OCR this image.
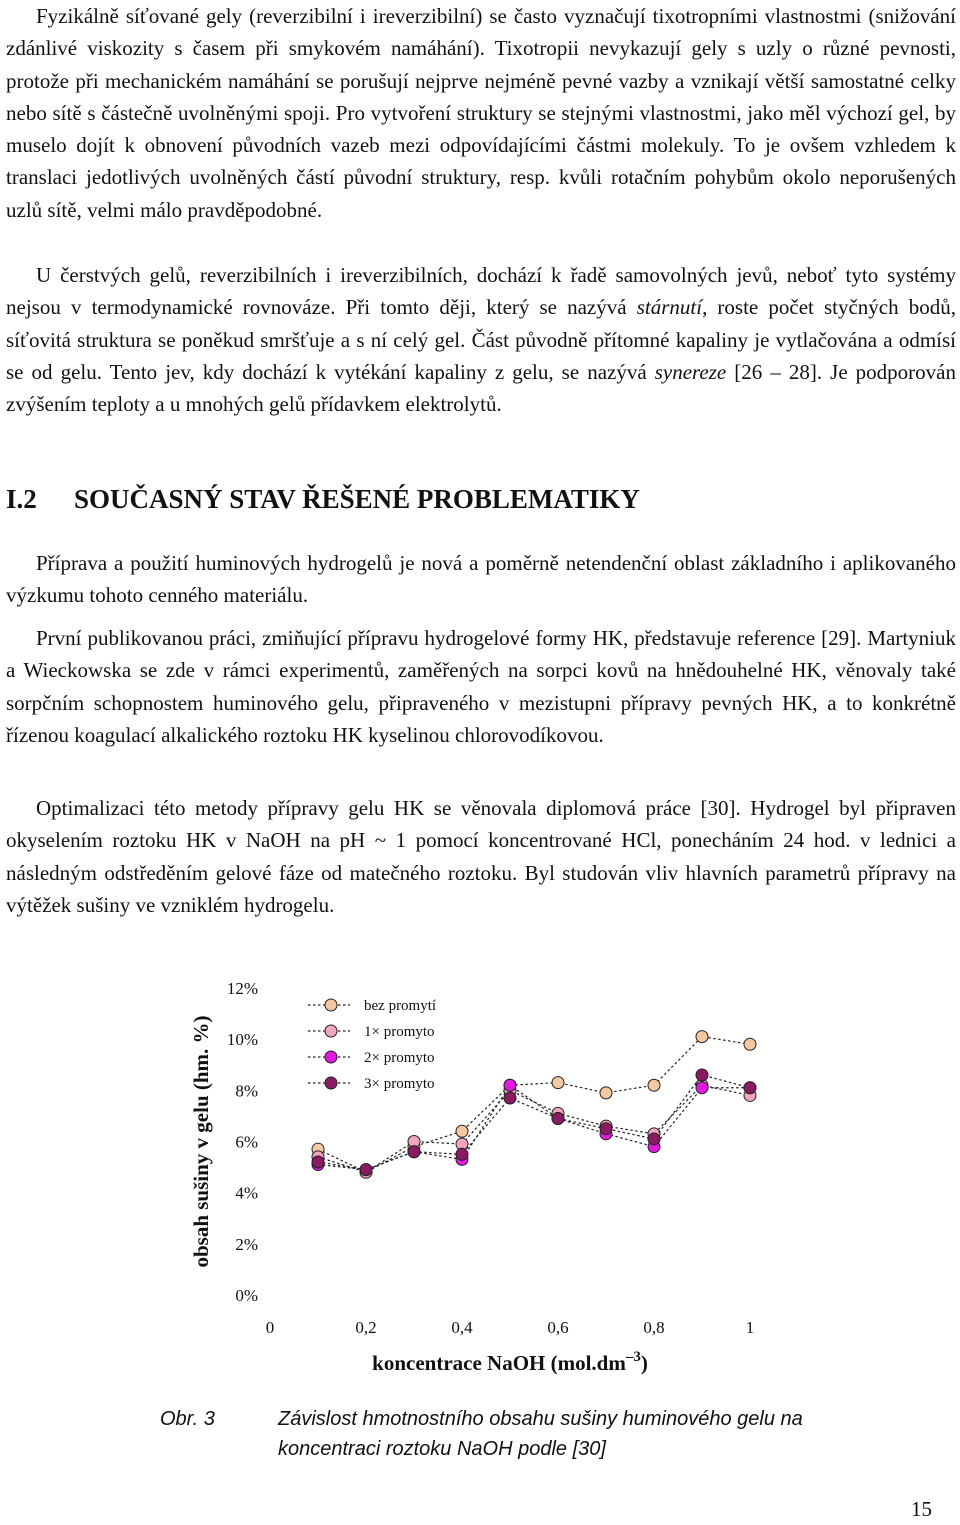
Fyzikálně síťované gely (reverzibilní i ireverzibilní) se často vyznačují tixotropními vlastnostmi (snižování zdánlivé viskozity s časem při smykovém namáhání). Tixotropii nevykazují gely s uzly o různé pevnosti, protože při mechanickém namáhání se porušují nejprve nejméně pevné vazby a vznikají větší samostatné celky nebo sítě s částečně uvolněnými spoji. Pro vytvoření struktury se stejnými vlastnostmi, jako měl výchozí gel, by muselo dojít k obnovení původních vazeb mezi odpovídajícími částmi molekuly. To je ovšem vzhledem k translaci jedotlivých uvolněných částí původní struktury, resp. kvůli rotačním pohybům okolo neporušených uzlů sítě, velmi málo pravděpodobné.

U čerstvých gelů, reverzibilních i ireverzibilních, dochází k řadě samovolných jevů, neboť tyto systémy nejsou v termodynamické rovnováze. Při tomto ději, který se nazývá stárnutí, roste počet styčných bodů, síťovitá struktura se poněkud smršťuje a s ní celý gel. Část původně přítomné kapaliny je vytlačována a odmísí se od gelu. Tento jev, kdy dochází k vytékání kapaliny z gelu, se nazývá synereze [26 – 28]. Je podporován zvýšením teploty a u mnohých gelů přídavkem elektrolytů.

I.2 SOUČASNÝ STAV ŘEŠENÉ PROBLEMATIKY

Příprava a použití huminových hydrogelů je nová a poměrně netendenční oblast základního i aplikovaného výzkumu tohoto cenného materiálu.

První publikovanou práci, zmiňující přípravu hydrogelové formy HK, představuje reference [29]. Martyniuk a Wieckowska se zde v rámci experimentů, zaměřených na sorpci kovů na hnědouhelné HK, věnovaly také sorpčním schopnostem huminového gelu, připraveného v mezistupni přípravy pevných HK, a to konkrétně řízenou koagulací alkalického roztoku HK kyselinou chlorovodíkovou.

Optimalizaci této metody přípravy gelu HK se věnovala diplomová práce [30]. Hydrogel byl připraven okyselením roztoku HK v NaOH na pH ~ 1 pomocí koncentrované HCl, ponecháním 24 hod. v lednici a následným odstředěním gelové fáze od matečného roztoku. Byl studován vliv hlavních parametrů přípravy na výtěžek sušiny ve vzniklém hydrogelu.

0%
2%
4%
6%
8%
10%
12%
0	0,2	0,4	0,6	0,8	1
bez promytí
1× promyto
2× promyto
3× promyto
obsah sušiny v gelu (hm. %)
koncentrace NaOH $(mol.dm^{-3})$
Obr. 3	Závislost hmotnostního obsahu sušiny huminového gelu na koncentraci roztoku NaOH podle [30]
15
